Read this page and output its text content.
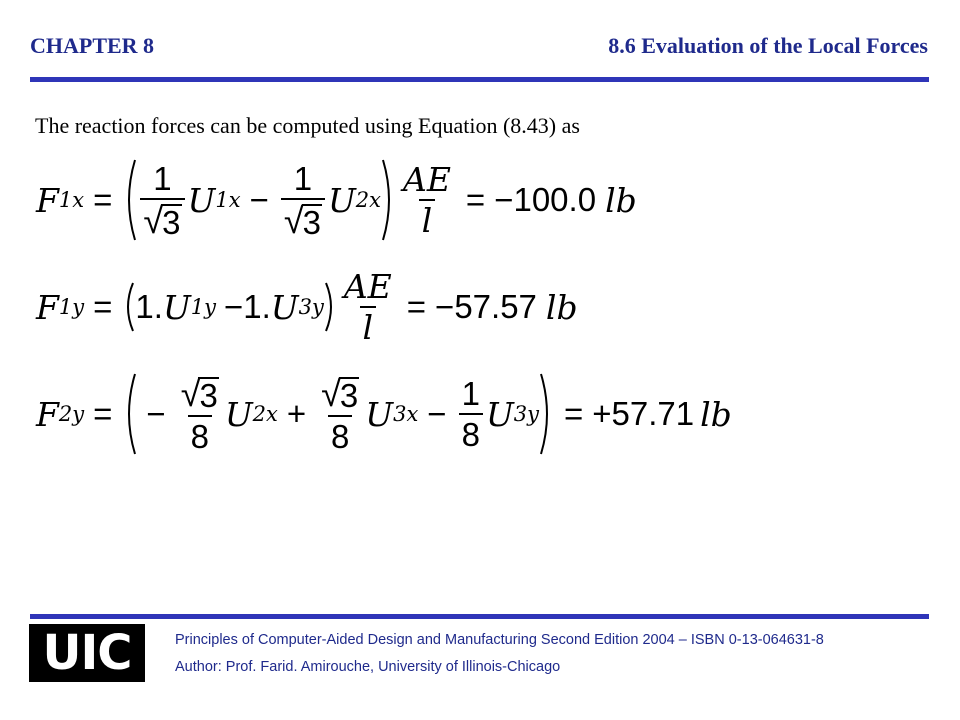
CHAPTER 8	8.6 Evaluation of the Local Forces
The reaction forces can be computed using Equation (8.43) as
F $1x = \frac{1}{√ 3}$ U $1x - \frac{1}{√ 3}$ U $2x \frac{AE}{l} = -100.0$ lb
F 1y = 1. U 1y −1. U $3y \frac{AE}{l} = -57.57$ lb
F 2y = − $\frac{√ 3}{8}$ U $2x + \frac{√ 3}{8}$ U $3x - \frac{1}{8}$ U 3y = +57.71 lb
UIC	Principles of Computer-Aided Design and Manufacturing Second Edition 2004 – ISBN 0-13-064631-8
Author: Prof. Farid. Amirouche, University of Illinois-Chicago
